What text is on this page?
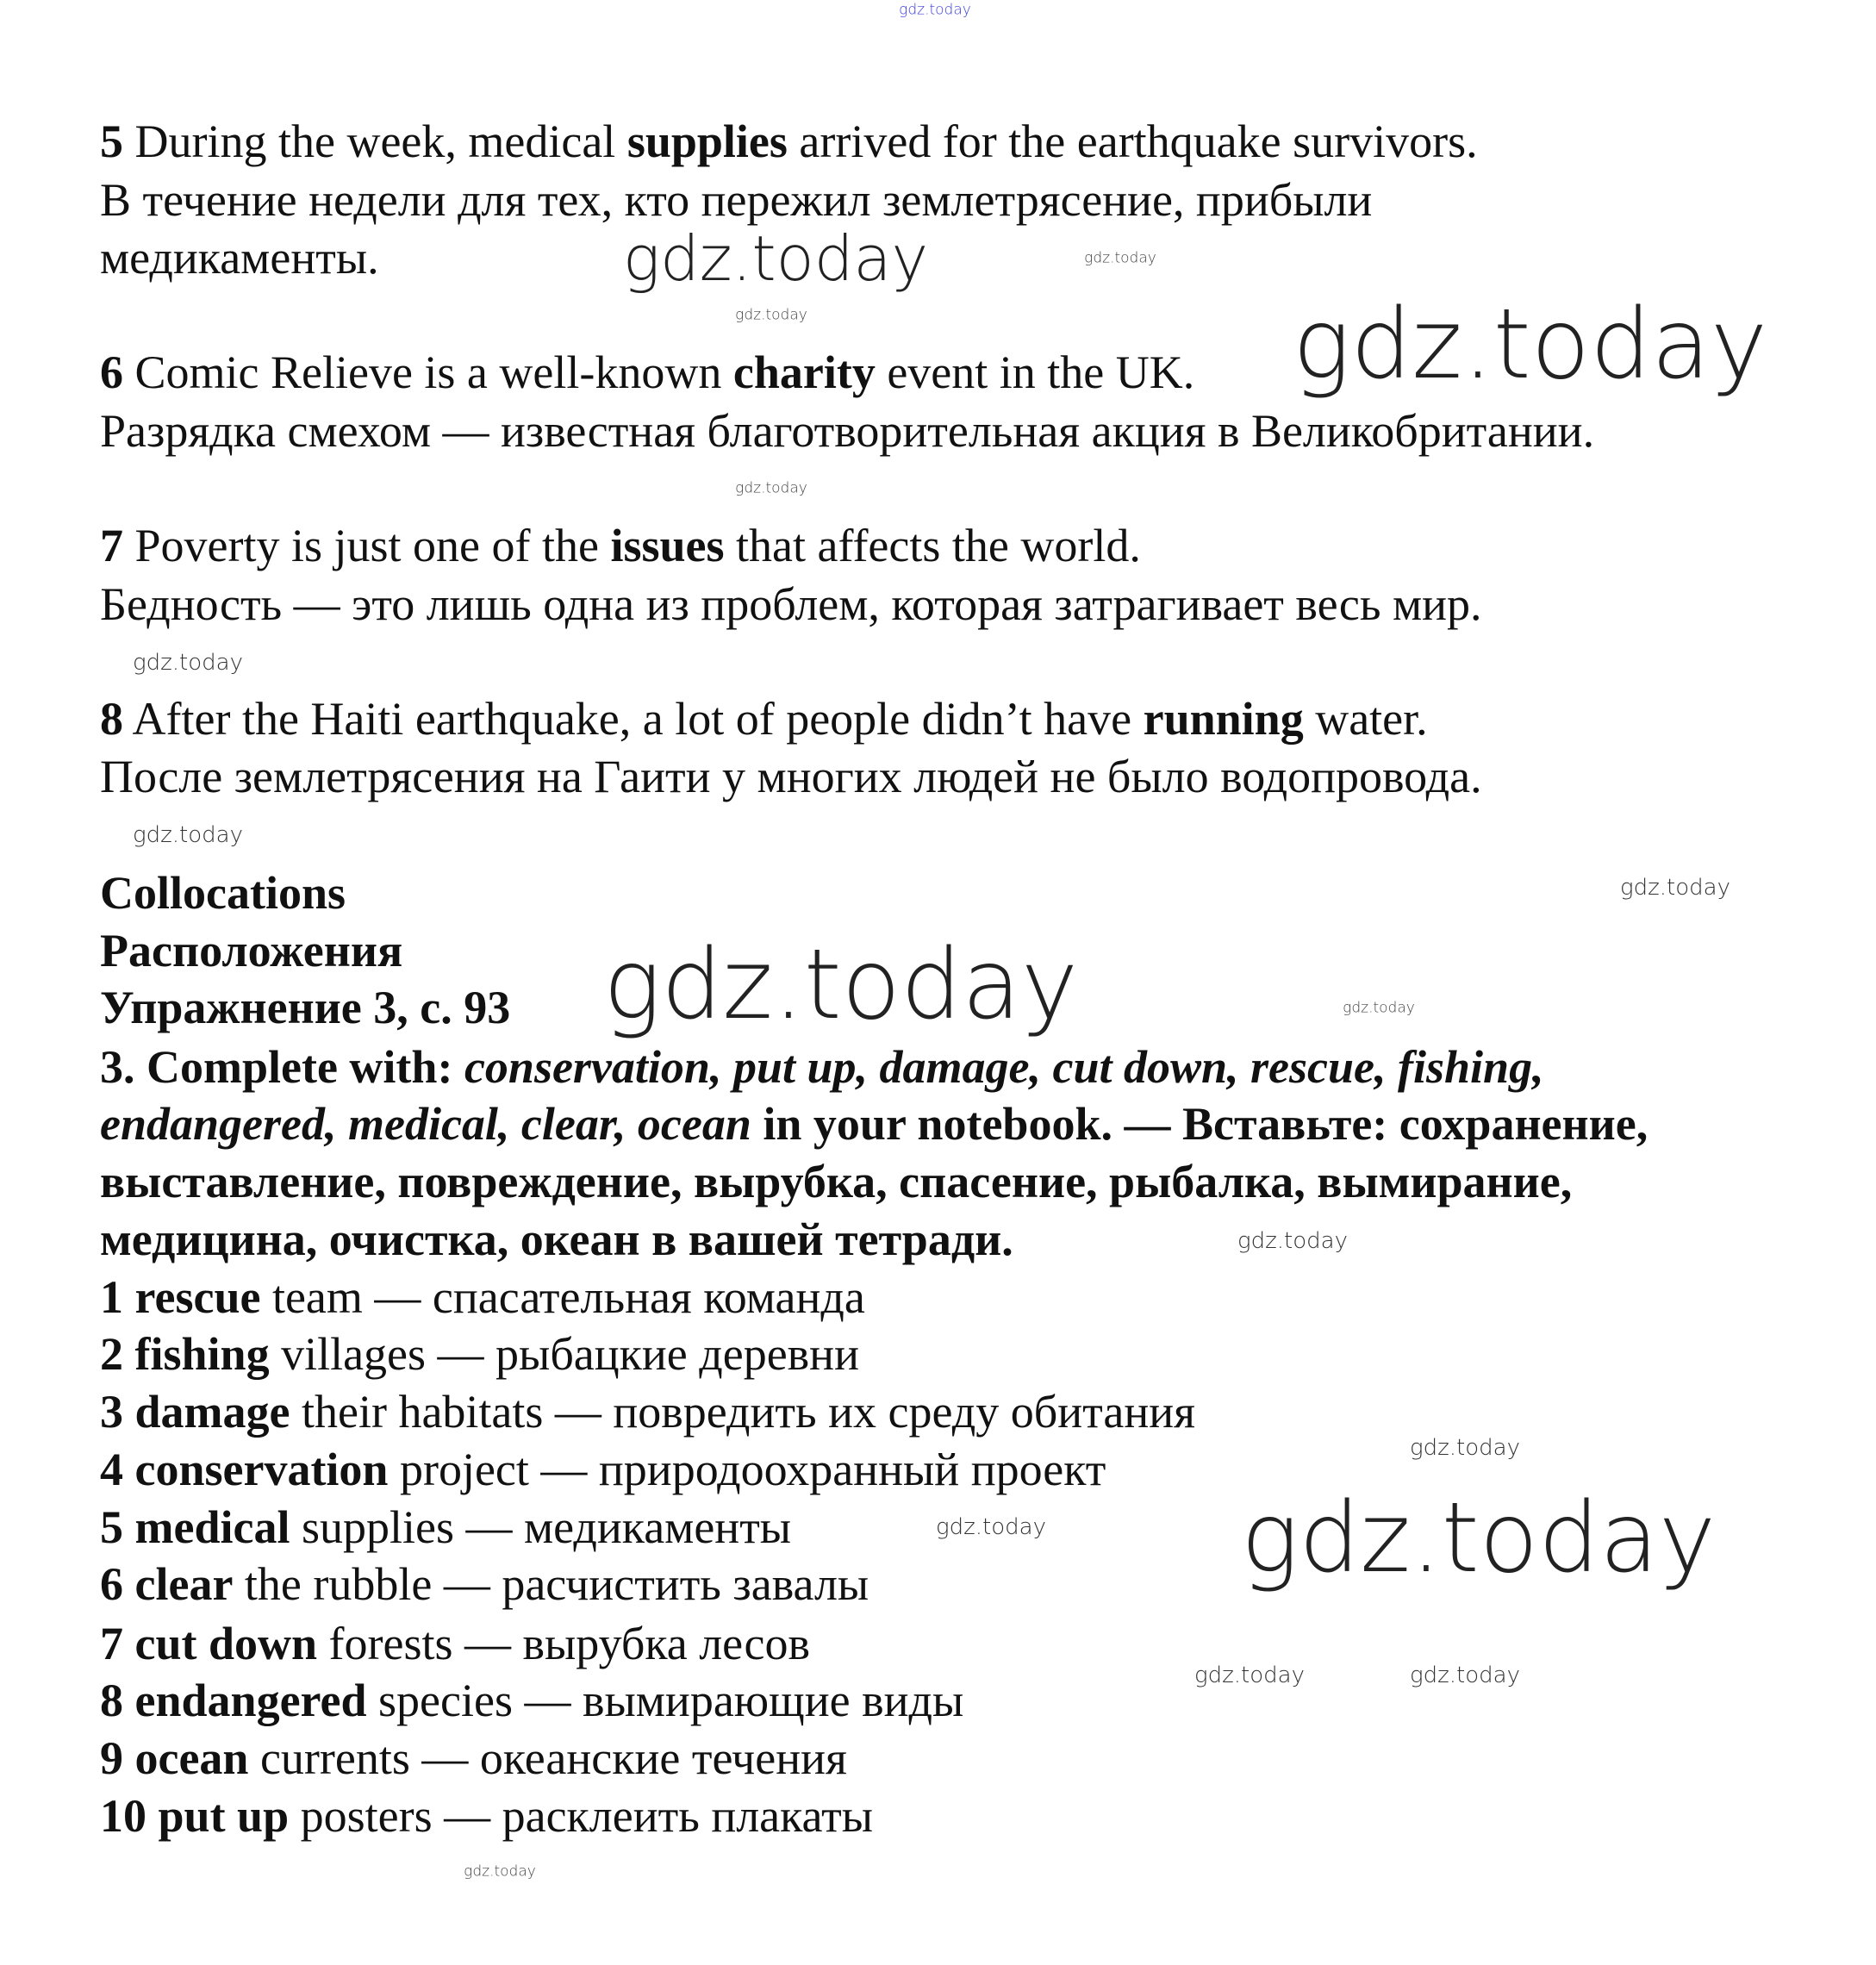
5 During the week, medical supplies arrived for the earthquake survivors.
В течение недели для тех, кто пережил землетрясение, прибыли
медикаменты.
6 Comic Relieve is a well-known charity event in the UK.
Разрядка смехом — известная благотворительная акция в Великобритании.
7 Poverty is just one of the issues that affects the world.
Бедность — это лишь одна из проблем, которая затрагивает весь мир.
8 After the Haiti earthquake, a lot of people didn’t have running water.
После землетрясения на Гаити у многих людей не было водопровода.
Collocations
Расположения
Упражнение 3, с. 93
3. Complete with: conservation, put up, damage, cut down, rescue, fishing,
endangered, medical, clear, ocean in your notebook. — Вставьте: сохранение,
выставление, повреждение, вырубка, спасение, рыбалка, вымирание,
медицина, очистка, океан в вашей тетради.
1 rescue team — спасательная команда
2 fishing villages — рыбацкие деревни
3 damage their habitats — повредить их среду обитания
4 conservation project — природоохранный проект
5 medical supplies — медикаменты
6 clear the rubble — расчистить завалы
7 cut down forests — вырубка лесов
8 endangered species — вымирающие виды
9 ocean currents — океанские течения
10 put up posters — расклеить плакаты
gdz.today
gdz.today
gdz.today
gdz.today
gdz.today
gdz.today
gdz.today
gdz.today
gdz.today
gdz.today
gdz.today
gdz.today
gdz.today
gdz.today gdz.today
gdz.today	gdz.today
gdz.today
